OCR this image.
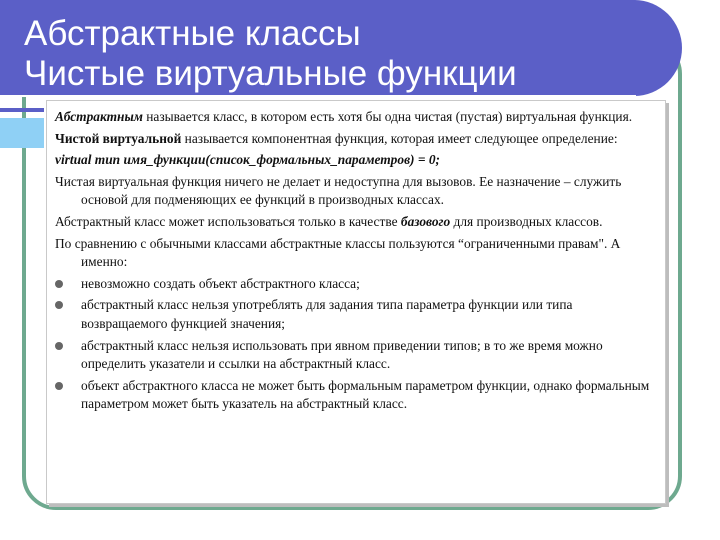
Абстрактные классы
Чистые виртуальные функции

Абстрактным называется класс, в котором есть хотя бы одна чистая (пустая) виртуальная функция.

Чистой виртуальной называется компонентная функция, которая имеет следующее определение:

virtual тип имя_функции(список_формальных_параметров) = 0;

Чистая виртуальная функция ничего не делает и недоступна для вызовов. Ее назначение – служить основой для подменяющих ее функций в производных классах.

Абстрактный класс может использоваться только в качестве базового для производных классов.

По сравнению с обычными классами абстрактные классы пользуются “ограниченными правам". А именно:

невозможно создать объект абстрактного класса;
абстрактный класс нельзя употреблять для задания типа параметра функции или типа возвращаемого функцией значения;
абстрактный класс нельзя использовать при явном приведении типов; в то же время можно определить указатели и ссылки на абстрактный класс.
объект абстрактного класса не может быть формальным параметром функции, однако формальным параметром может быть указатель на абстрактный класс.
